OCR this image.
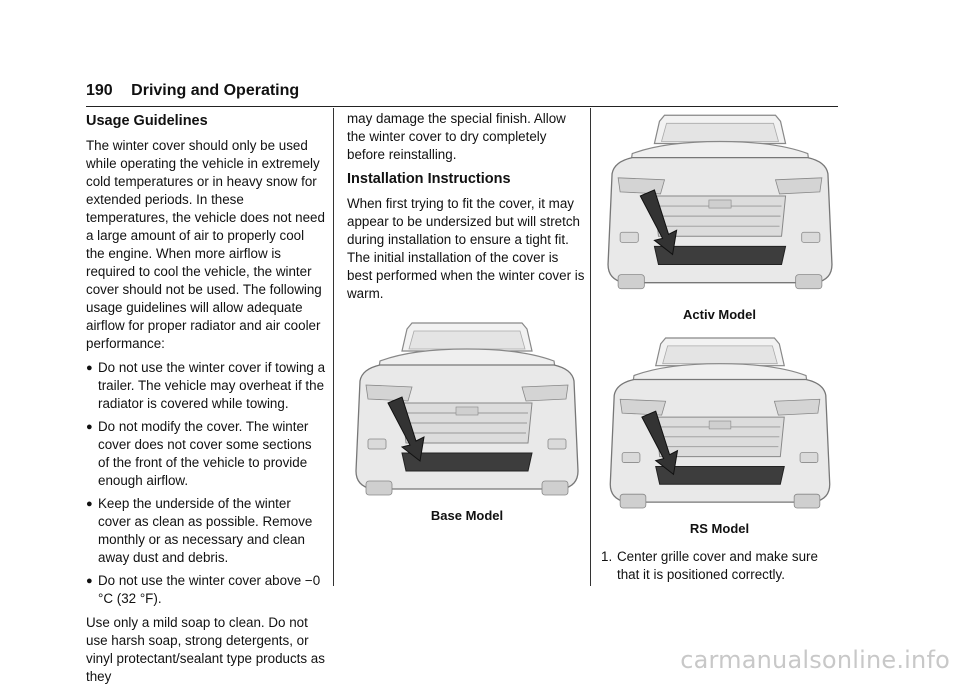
190 Driving and Operating
Usage Guidelines

The winter cover should only be used while operating the vehicle in extremely cold temperatures or in heavy snow for extended periods. In these temperatures, the vehicle does not need a large amount of air to properly cool the engine. When more airflow is required to cool the vehicle, the winter cover should not be used. The following usage guidelines will allow adequate airflow for proper radiator and air cooler performance:

● Do not use the winter cover if towing a trailer. The vehicle may overheat if the radiator is covered while towing.
● Do not modify the cover. The winter cover does not cover some sections of the front of the vehicle to provide enough airflow.
● Keep the underside of the winter cover as clean as possible. Remove monthly or as necessary and clean away dust and debris.
● Do not use the winter cover above −0 °C (32 °F).

Use only a mild soap to clean. Do not use harsh soap, strong detergents, or vinyl protectant/sealant type products as they

may damage the special finish. Allow the winter cover to dry completely before reinstalling.

Installation Instructions

When first trying to fit the cover, it may appear to be undersized but will stretch during installation to ensure a tight fit. The initial installation of the cover is best performed when the winter cover is warm.

Base Model
Activ Model
RS Model
1. Center grille cover and make sure that it is positioned correctly.
carmanualsonline.info
